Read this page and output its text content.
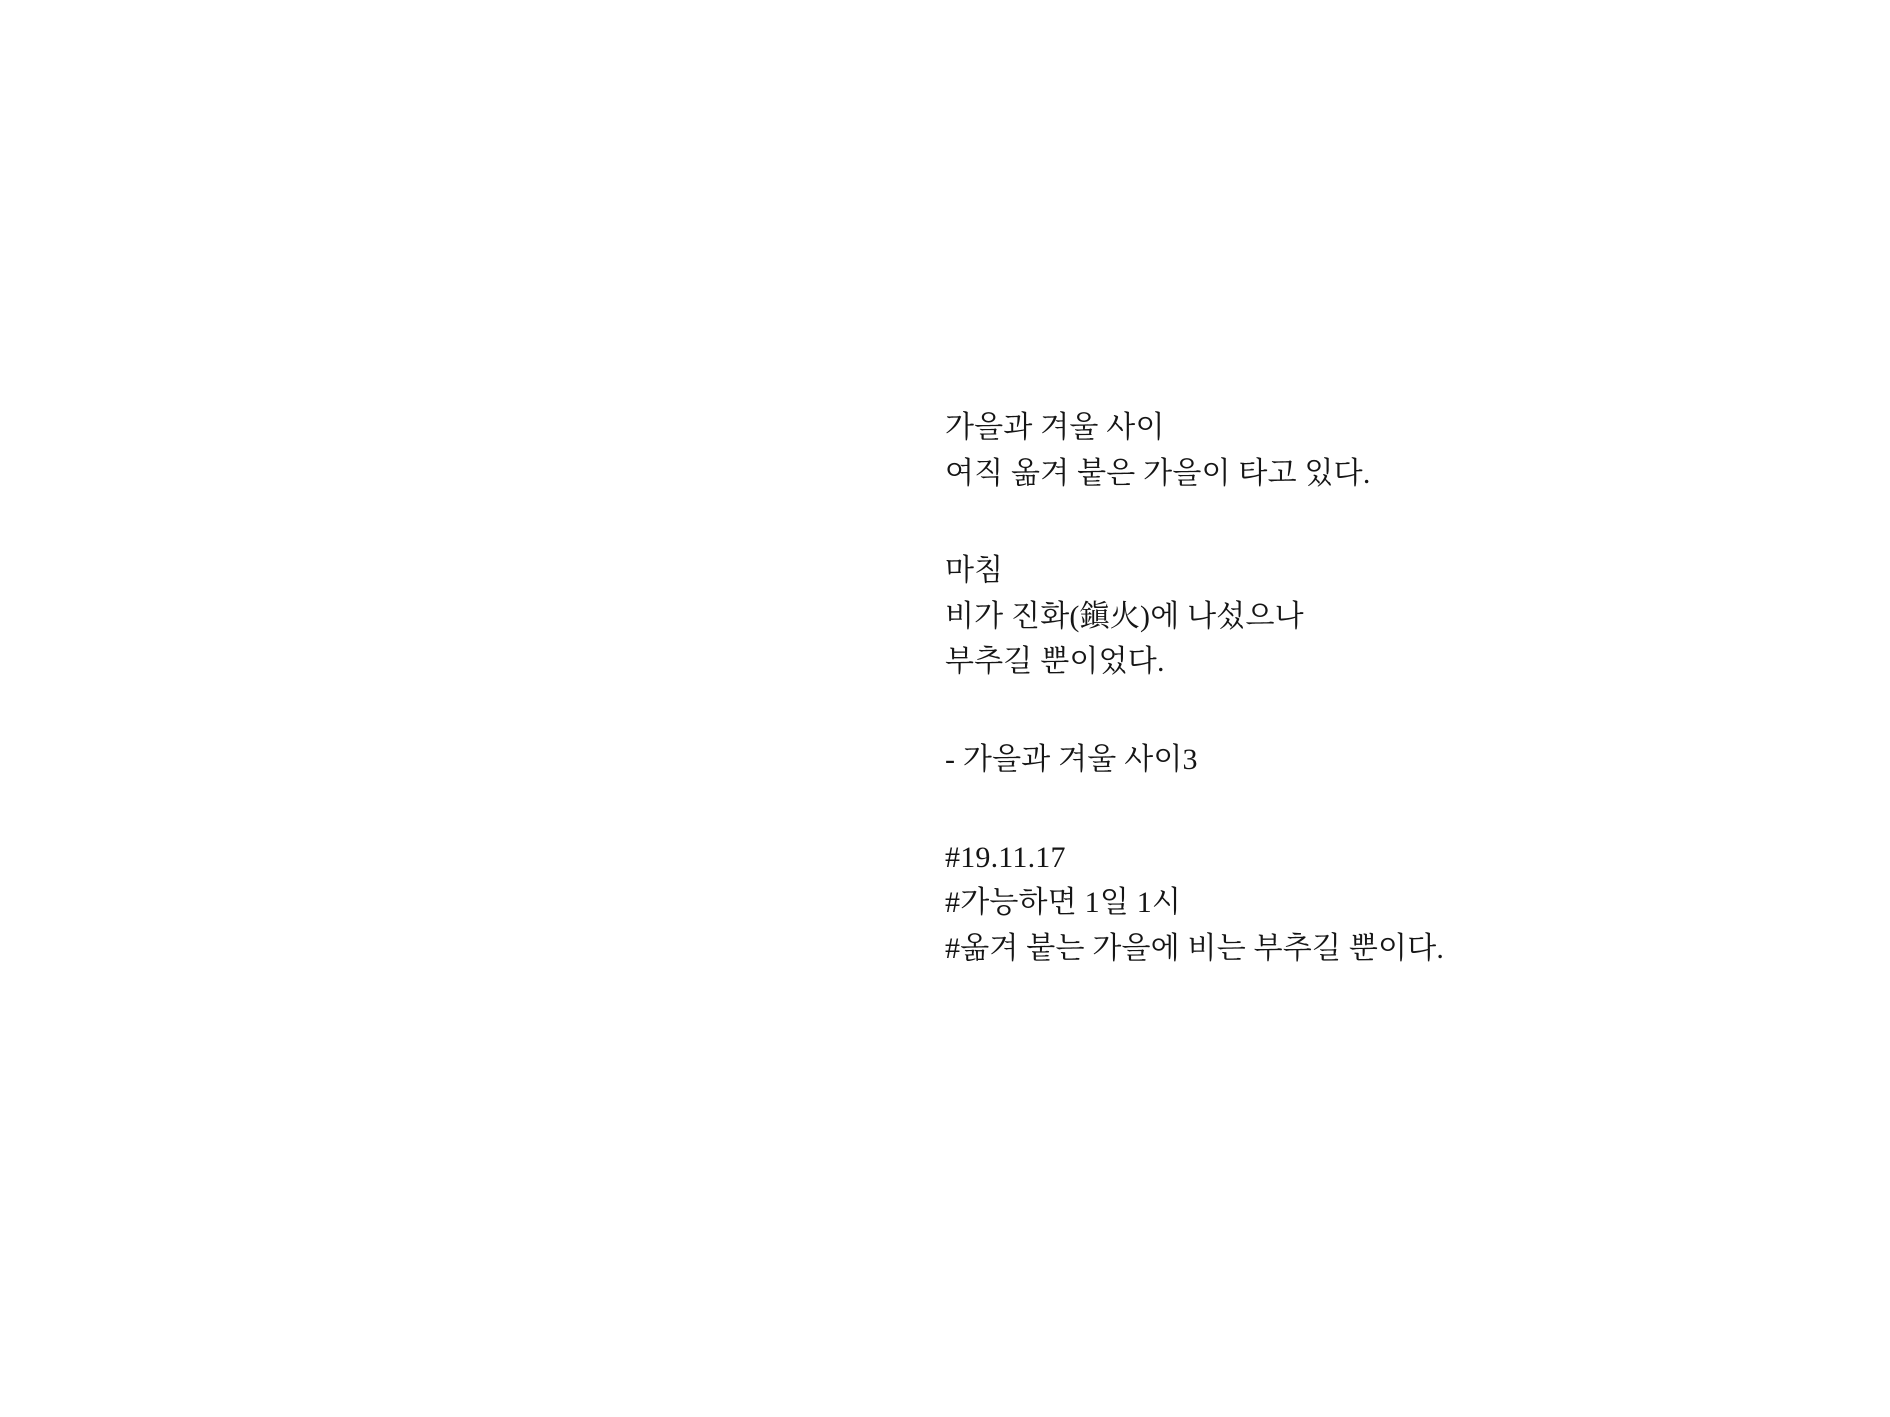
가을과 겨울 사이
여직 옮겨 붙은 가을이 타고 있다.
마침
비가 진화(鎭火)에 나섰으나
부추길 뿐이었다.
- 가을과 겨울 사이3
#19.11.17
#가능하면 1일 1시
#옮겨 붙는 가을에 비는 부추길 뿐이다.
